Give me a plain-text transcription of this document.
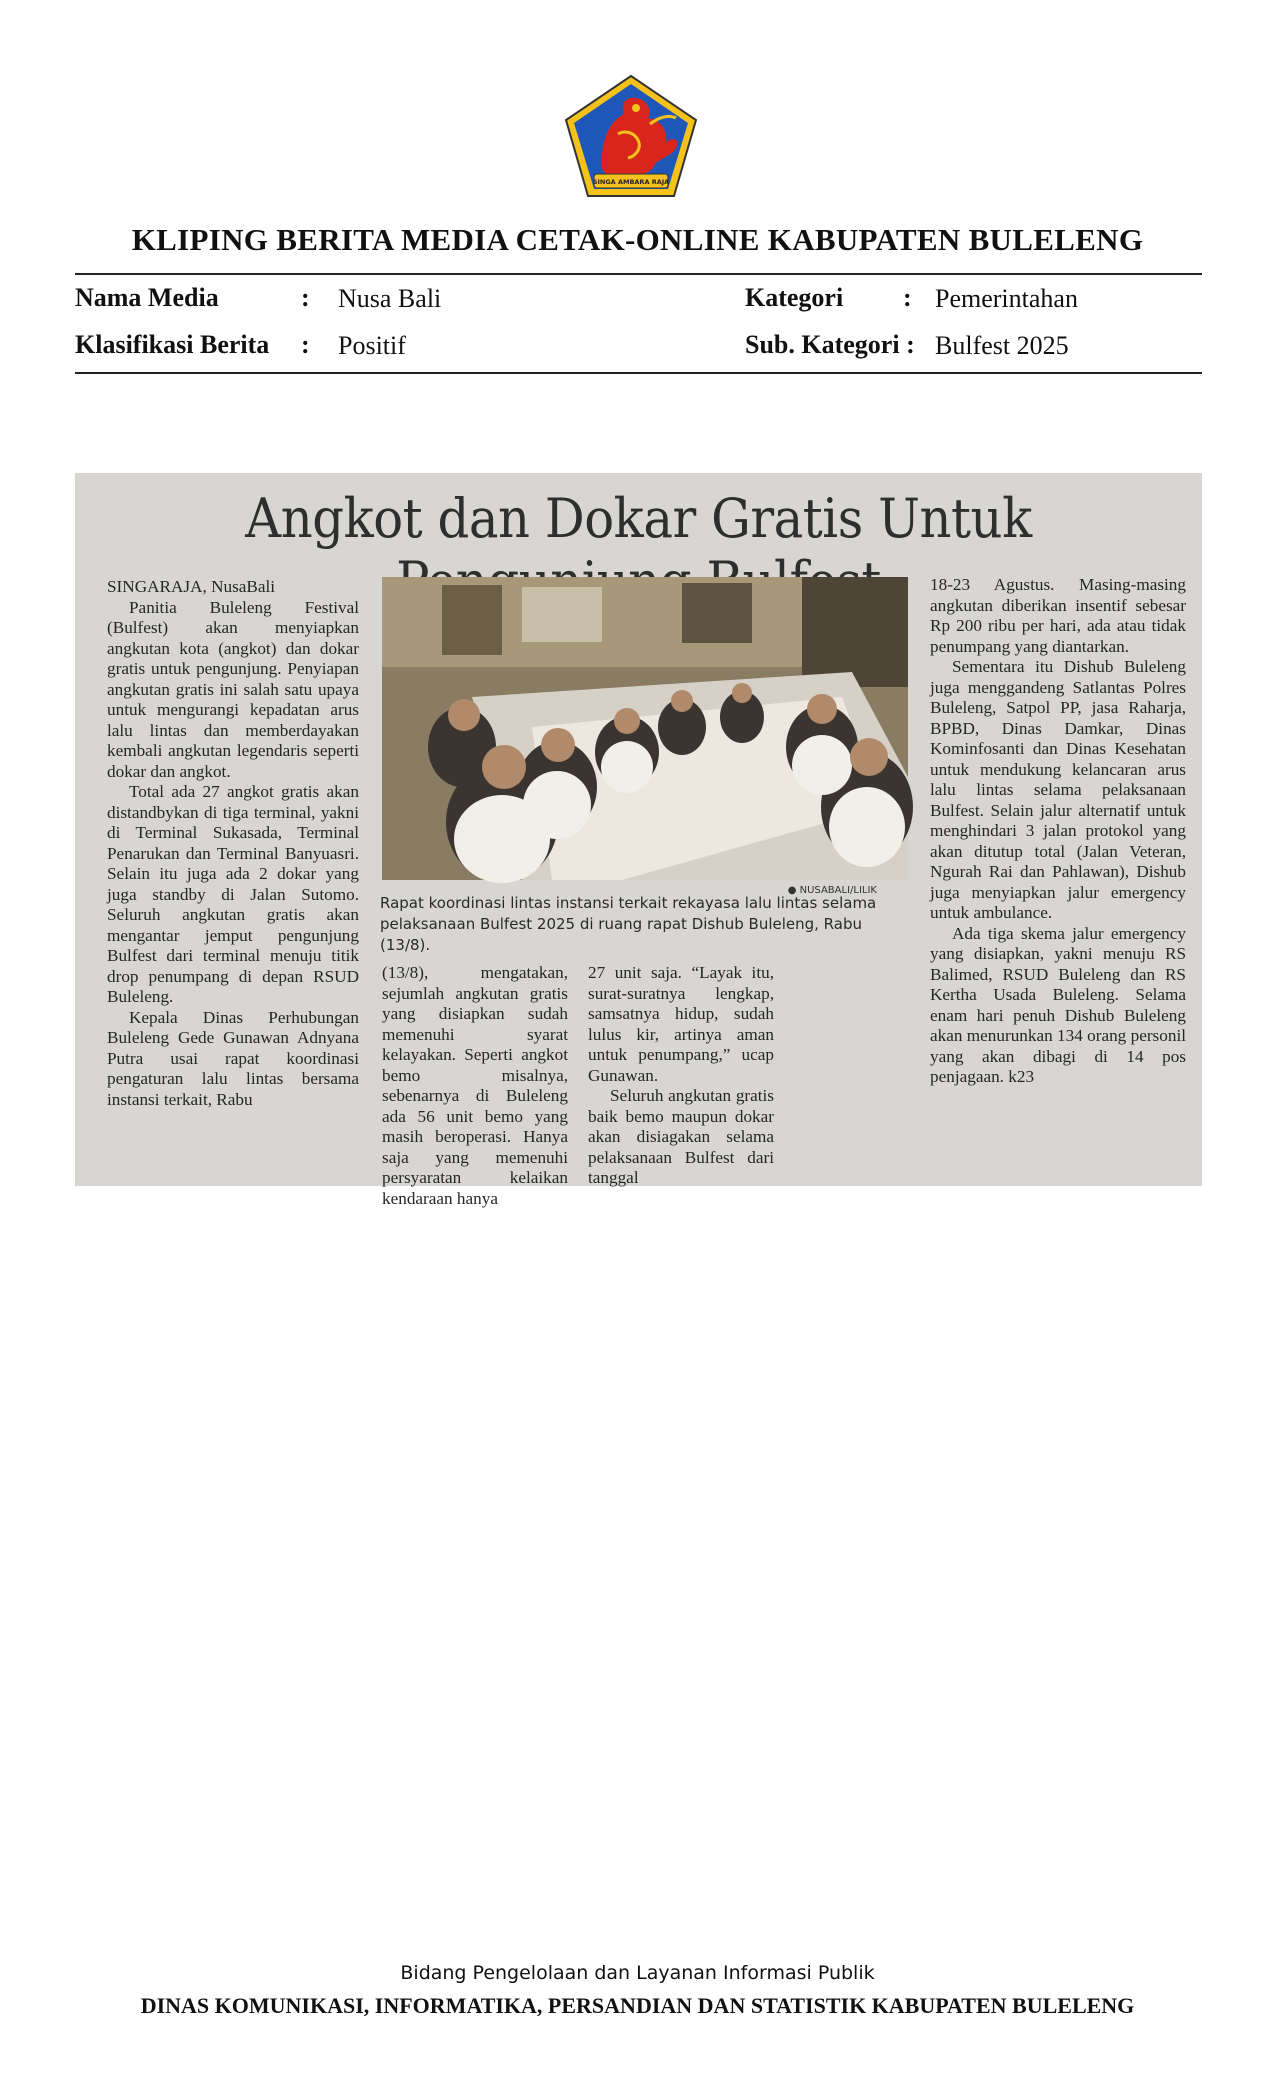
SINGA AMBARA RAJA
KLIPING BERITA MEDIA CETAK-ONLINE KABUPATEN BULELENG
Nama Media	: Nusa Bali	Kategori : Pemerintahan
Klasifikasi Berita : Positif	Sub. Kategori : Bulfest 2025
Angkot dan Dokar Gratis Untuk

SINGARAJA, NusaBali

Panitia Buleleng Festival (Bulfest) akan menyiapkan angkutan kota (angkot) dan dokar gratis untuk pengunjung. Penyiapan angkutan gratis ini salah satu upaya untuk mengurangi kepadatan arus lalu lintas dan memberdayakan kembali angkutan legendaris seperti dokar dan angkot.

Total ada 27 angkot gratis akan distandbykan di tiga terminal, yakni di Terminal Sukasada, Terminal Penarukan dan Terminal Banyuasri. Selain itu juga ada 2 dokar yang juga standby di Jalan Sutomo. Seluruh angkutan gratis akan mengantar jemput pengunjung Bulfest dari terminal menuju titik drop penumpang di depan RSUD Buleleng.

Kepala Dinas Perhubungan Buleleng Gede Gunawan Adnyana Putra usai rapat koordinasi pengaturan lalu lintas bersama instansi terkait, Rabu

● NUSABALI/LILIK
Rapat koordinasi lintas instansi terkait rekayasa lalu lintas selama pelaksanaan Bulfest 2025 di ruang rapat Dishub Buleleng, Rabu (13/8).

(13/8), mengatakan, sejumlah angkutan gratis yang disiapkan sudah memenuhi syarat kelayakan. Seperti angkot bemo misalnya, sebenarnya di Buleleng ada 56 unit bemo yang masih beroperasi. Hanya saja yang memenuhi persyaratan kelaikan kendaraan hanya

27 unit saja. “Layak itu, surat-suratnya lengkap, samsatnya hidup, sudah lulus kir, artinya aman untuk penumpang,” ucap Gunawan.

Seluruh angkutan gratis baik bemo maupun dokar akan disiagakan selama pelaksanaan Bulfest dari tanggal

18-23 Agustus. Masing-masing angkutan diberikan insentif sebesar Rp 200 ribu per hari, ada atau tidak penumpang yang diantarkan.

Sementara itu Dishub Buleleng juga menggandeng Satlantas Polres Buleleng, Satpol PP, jasa Raharja, BPBD, Dinas Damkar, Dinas Kominfosanti dan Dinas Kesehatan untuk mendukung kelancaran arus lalu lintas selama pelaksanaan Bulfest. Selain jalur alternatif untuk menghindari 3 jalan protokol yang akan ditutup total (Jalan Veteran, Ngurah Rai dan Pahlawan), Dishub juga menyiapkan jalur emergency untuk ambulance.

Ada tiga skema jalur emergency yang disiapkan, yakni menuju RS Balimed, RSUD Buleleng dan RS Kertha Usada Buleleng. Selama enam hari penuh Dishub Buleleng akan menurunkan 134 orang personil yang akan dibagi di 14 pos penjagaan. k23

Bidang Pengelolaan dan Layanan Informasi Publik
DINAS KOMUNIKASI, INFORMATIKA, PERSANDIAN DAN STATISTIK KABUPATEN BULELENG
